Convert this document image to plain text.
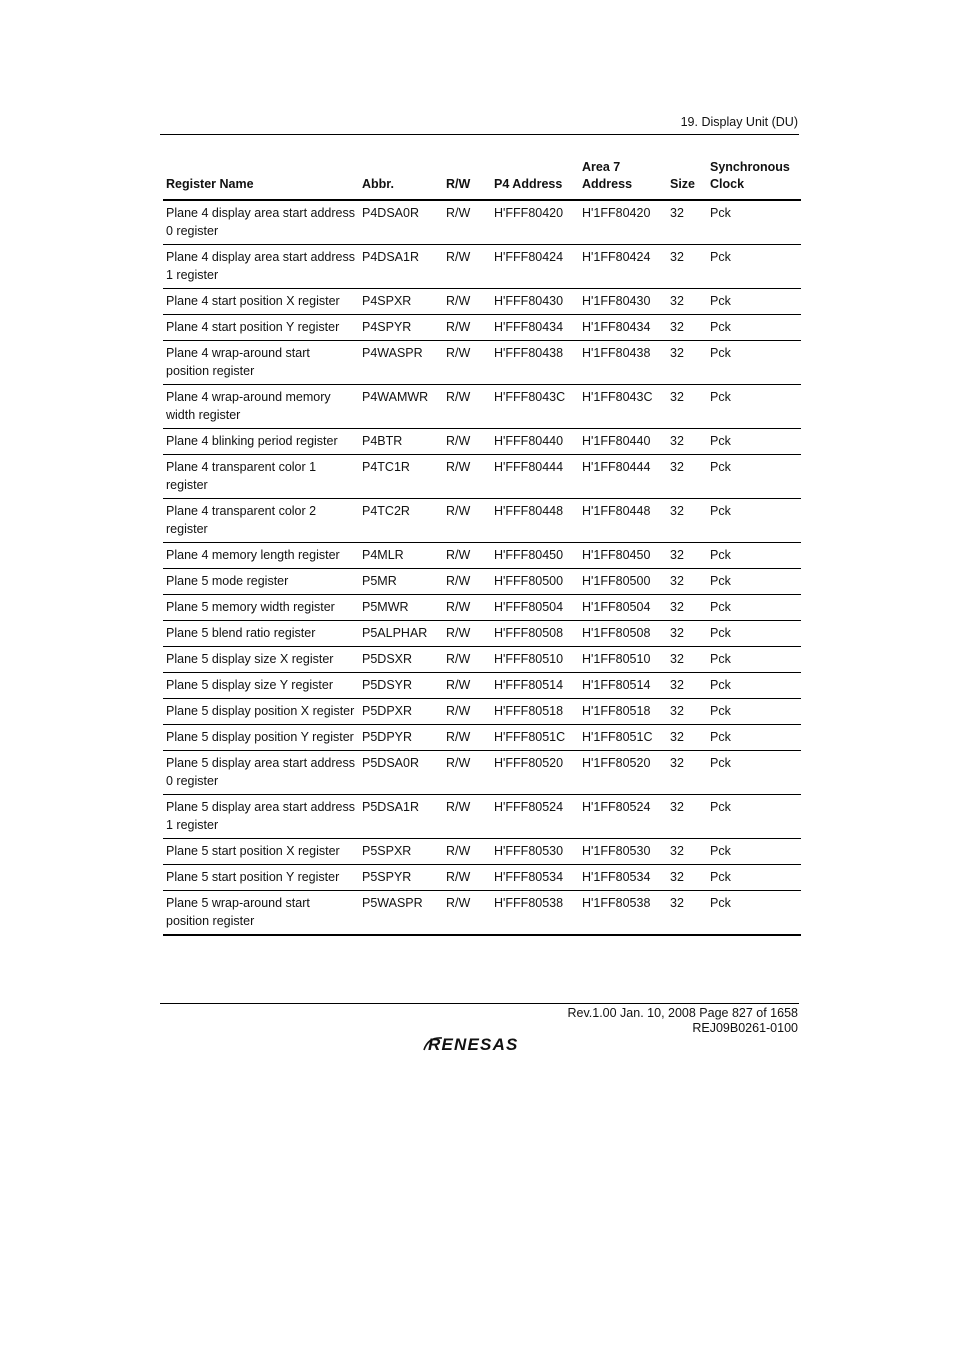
19. Display Unit (DU)
Register Name	Abbr.	R/W	P4 Address	Area 7 Address	Size	Synchronous Clock
Plane 4 display area start address 0 register	P4DSA0R	R/W	H'FFF80420	H'1FF80420	32	Pck
Plane 4 display area start address 1 register	P4DSA1R	R/W	H'FFF80424	H'1FF80424	32	Pck
Plane 4 start position X register	P4SPXR	R/W	H'FFF80430	H'1FF80430	32	Pck
Plane 4 start position Y register	P4SPYR	R/W	H'FFF80434	H'1FF80434	32	Pck
Plane 4 wrap-around start position register	P4WASPR	R/W	H'FFF80438	H'1FF80438	32	Pck
Plane 4 wrap-around memory width register	P4WAMWR	R/W	H'FFF8043C	H'1FF8043C	32	Pck
Plane 4 blinking period register	P4BTR	R/W	H'FFF80440	H'1FF80440	32	Pck
Plane 4 transparent color 1 register	P4TC1R	R/W	H'FFF80444	H'1FF80444	32	Pck
Plane 4 transparent color 2 register	P4TC2R	R/W	H'FFF80448	H'1FF80448	32	Pck
Plane 4 memory length register	P4MLR	R/W	H'FFF80450	H'1FF80450	32	Pck
Plane 5 mode register	P5MR	R/W	H'FFF80500	H'1FF80500	32	Pck
Plane 5 memory width register	P5MWR	R/W	H'FFF80504	H'1FF80504	32	Pck
Plane 5 blend ratio register	P5ALPHAR	R/W	H'FFF80508	H'1FF80508	32	Pck
Plane 5 display size X register	P5DSXR	R/W	H'FFF80510	H'1FF80510	32	Pck
Plane 5 display size Y register	P5DSYR	R/W	H'FFF80514	H'1FF80514	32	Pck
Plane 5 display position X register	P5DPXR	R/W	H'FFF80518	H'1FF80518	32	Pck
Plane 5 display position Y register	P5DPYR	R/W	H'FFF8051C	H'1FF8051C	32	Pck
Plane 5 display area start address 0 register	P5DSA0R	R/W	H'FFF80520	H'1FF80520	32	Pck
Plane 5 display area start address 1 register	P5DSA1R	R/W	H'FFF80524	H'1FF80524	32	Pck
Plane 5 start position X register	P5SPXR	R/W	H'FFF80530	H'1FF80530	32	Pck
Plane 5 start position Y register	P5SPYR	R/W	H'FFF80534	H'1FF80534	32	Pck
Plane 5 wrap-around start position register	P5WASPR	R/W	H'FFF80538	H'1FF80538	32	Pck
Rev.1.00 Jan. 10, 2008 Page 827 of 1658
REJ09B0261-0100
RENESAS
